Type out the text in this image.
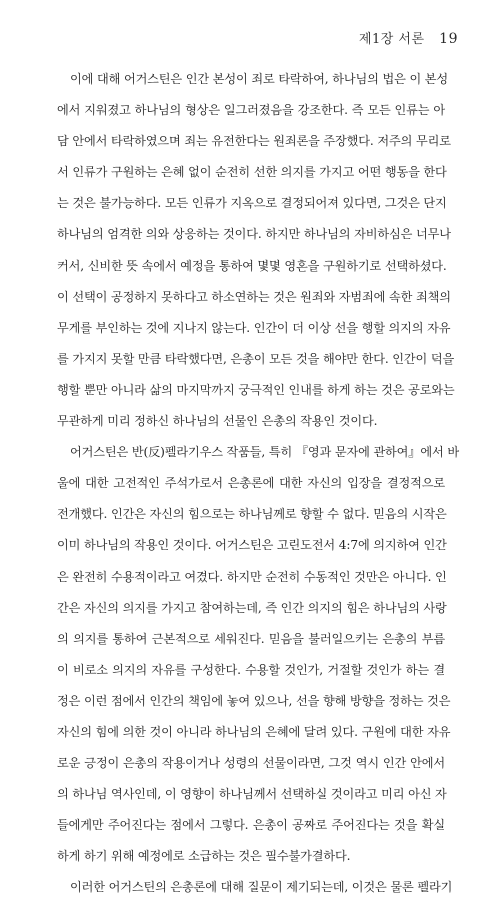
제1장 서론 19
이에 대해 어거스틴은 인간 본성이 죄로 타락하여, 하나님의 법은 이 본성
에서 지워졌고 하나님의 형상은 일그러졌음을 강조한다. 즉 모든 인류는 아
담 안에서 타락하였으며 죄는 유전한다는 원죄론을 주장했다. 저주의 무리로
서 인류가 구원하는 은혜 없이 순전히 선한 의지를 가지고 어떤 행동을 한다
는 것은 불가능하다. 모든 인류가 지옥으로 결정되어져 있다면, 그것은 단지
하나님의 엄격한 의와 상응하는 것이다. 하지만 하나님의 자비하심은 너무나
커서, 신비한 뜻 속에서 예정을 통하여 몇몇 영혼을 구원하기로 선택하셨다.
이 선택이 공정하지 못하다고 하소연하는 것은 원죄와 자범죄에 속한 죄책의
무게를 부인하는 것에 지나지 않는다. 인간이 더 이상 선을 행할 의지의 자유
를 가지지 못할 만큼 타락했다면, 은총이 모든 것을 해야만 한다. 인간이 덕을
행할 뿐만 아니라 삶의 마지막까지 궁극적인 인내를 하게 하는 것은 공로와는
무관하게 미리 정하신 하나님의 선물인 은총의 작용인 것이다.
어거스틴은 반(反)펠라기우스 작품들, 특히 『영과 문자에 관하여』에서 바
울에 대한 고전적인 주석가로서 은총론에 대한 자신의 입장을 결정적으로
전개했다. 인간은 자신의 힘으로는 하나님께로 향할 수 없다. 믿음의 시작은
이미 하나님의 작용인 것이다. 어거스틴은 고린도전서 4:7에 의지하여 인간
은 완전히 수용적이라고 여겼다. 하지만 순전히 수동적인 것만은 아니다. 인
간은 자신의 의지를 가지고 참여하는데, 즉 인간 의지의 힘은 하나님의 사랑
의 의지를 통하여 근본적으로 세워진다. 믿음을 불러일으키는 은총의 부름
이 비로소 의지의 자유를 구성한다. 수용할 것인가, 거절할 것인가 하는 결
정은 이런 점에서 인간의 책임에 놓여 있으나, 선을 향해 방향을 정하는 것은
자신의 힘에 의한 것이 아니라 하나님의 은혜에 달려 있다. 구원에 대한 자유
로운 긍정이 은총의 작용이거나 성령의 선물이라면, 그것 역시 인간 안에서
의 하나님 역사인데, 이 영향이 하나님께서 선택하실 것이라고 미리 아신 자
들에게만 주어진다는 점에서 그렇다. 은총이 공짜로 주어진다는 것을 확실
하게 하기 위해 예정에로 소급하는 것은 필수불가결하다.
이러한 어거스틴의 은총론에 대해 질문이 제기되는데, 이것은 물론 펠라기
